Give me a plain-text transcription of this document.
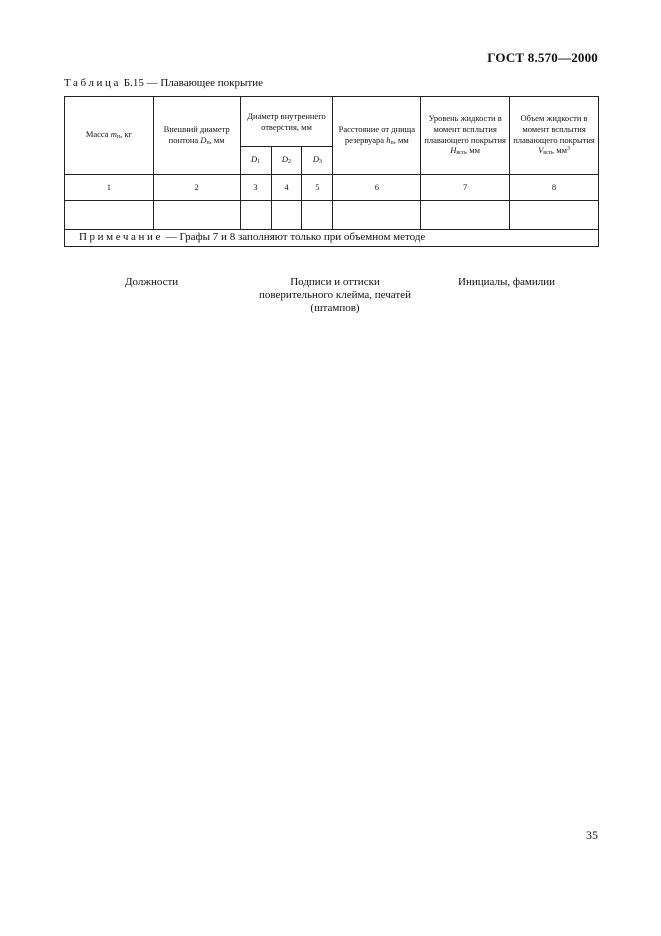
ГОСТ 8.570—2000
Таблица Б.15 — Плавающее покрытие
Масса mп, кг	Внешний диаметр понтона Dп, мм	Диаметр внутреннего отверстия, мм			Расстояние от днища резервуара hп, мм	Уровень жидкости в момент всплытия плавающего покрытия Hвсп, мм	Объем жидкости в момент всплытия плавающего покрытия Vвсп, $мм^3$
		D1	D2	D3			
1	2	3	4	5	6	7	8

Примечание — Графы 7 и 8 заполняют только при объемном методе							
Должности	Подписи и оттиски
поверительного клейма, печатей
(штампов)
Инициалы, фамилии
35
